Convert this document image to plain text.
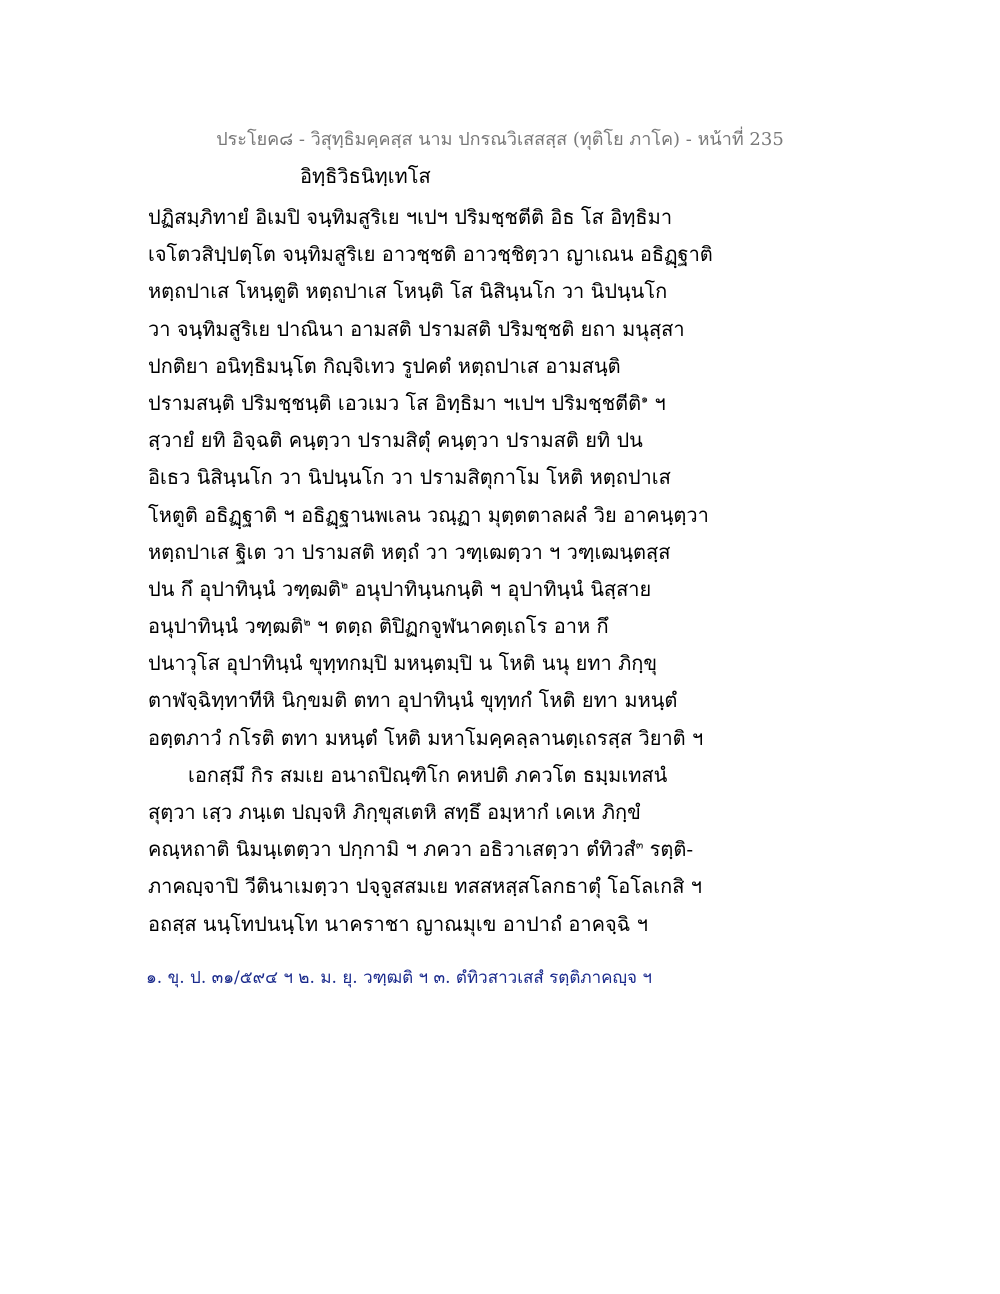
ประโยค๘ - วิสุทฺธิมคฺคสฺส นาม ปกรณวิเสสสฺส (ทุติโย ภาโค) - หน้าที่ 235
อิทฺธิวิธนิทฺเทโส
ปฏิสมฺภิทายํ อิเมปิ จนฺทิมสูริเย ฯเปฯ ปริมชฺชตีติ อิธ โส อิทฺธิมา
เจโตวสิปฺปตฺโต จนฺทิมสูริเย อาวชฺชติ อาวชฺชิตฺวา ญาเณน อธิฏฺฐาติ
หตฺถปาเส โหนฺตูติ หตฺถปาเส โหนฺติ โส นิสินฺนโก วา นิปนฺนโก
วา จนฺทิมสูริเย ปาณินา อามสติ ปรามสติ ปริมชฺชติ ยถา มนุสฺสา
ปกติยา อนิทฺธิมนฺโต กิญฺจิเทว รูปคตํ หตฺถปาเส อามสนฺติ
ปรามสนฺติ ปริมชฺชนฺติ เอวเมว โส อิทฺธิมา ฯเปฯ ปริมชฺชตีติ$^๑$ ฯ
สฺวายํ ยทิ อิจฺฉติ คนฺตฺวา ปรามสิตุํ คนฺตฺวา ปรามสติ ยทิ ปน
อิเธว นิสินฺนโก วา นิปนฺนโก วา ปรามสิตุกาโม โหติ หตฺถปาเส
โหตูติ อธิฏฺฐาติ ฯ อธิฏฺฐานพเลน วณฺฏา มุตฺตตาลผลํ วิย อาคนฺตฺวา
หตฺถปาเส ฐิเต วา ปรามสติ หตฺถํ วา วฑฺเฒตฺวา ฯ วฑฺเฒนฺตสฺส
ปน กึ อุปาทินฺนํ วฑฺฒติ$^๒$ อนุปาทินฺนกนฺติ ฯ อุปาทินฺนํ นิสฺสาย
อนุปาทินฺนํ วฑฺฒติ$^๒$ ฯ ตตฺถ ติปิฏกจูฬนาคตฺเถโร อาห กึ
ปนาวุโส อุปาทินฺนํ ขุทฺทกมฺปิ มหนฺตมฺปิ น โหติ นนุ ยทา ภิกฺขุ
ตาฬจฺฉิทฺทาทีหิ นิกฺขมติ ตทา อุปาทินฺนํ ขุทฺทกํ โหติ ยทา มหนฺตํ
อตฺตภาวํ กโรติ ตทา มหนฺตํ โหติ มหาโมคฺคลฺลานตฺเถรสฺส วิยาติ ฯ
เอกสฺมึ กิร สมเย อนาถปิณฺฑิโก คหปติ ภควโต ธมฺมเทสนํ
สุตฺวา เสฺว ภนฺเต ปญฺจหิ ภิกฺขุสเตหิ สทฺธึ อมฺหากํ เคเห ภิกฺขํ
คณฺหถาติ นิมนฺเตตฺวา ปกฺกามิ ฯ ภควา อธิวาเสตฺวา ตํทิวสํ$^๓$ รตฺติ-
ภาคญฺจาปิ วีตินาเมตฺวา ปจฺจูสสมเย ทสสหสฺสโลกธาตุํ โอโลเกสิ ฯ
อถสฺส นนฺโทปนนฺโท นาคราชา ญาณมุเข อาปาถํ อาคจฺฉิ ฯ
๑. ขุ. ป. ๓๑/๕๙๔ ฯ ๒. ม. ยุ. วฑฺฒติ ฯ ๓. ตํทิวสาวเสสํ รตฺติภาคญฺจ ฯ
